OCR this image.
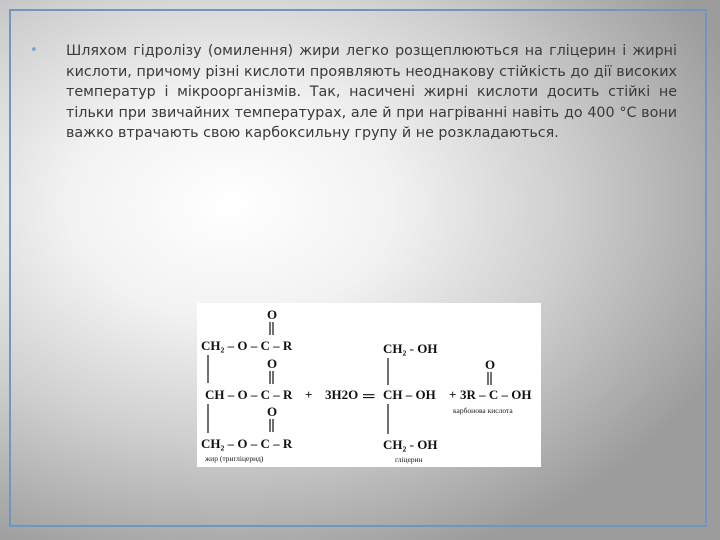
• Шляхом гідролізу (омилення) жири легко розщеплюються на гліцерин і жирні кислоти, причому різні кислоти проявляють неоднакову стійкість до дії високих температур і мікроорганізмів. Так, насичені жирні кислоти досить стійкі не тільки при звичайних температурах, але й при нагріванні навіть до 400 °С вони важко втрачають свою карбоксильну групу й не розкладаються.

O
CH₂ – O – C – R
O
CH – O – C – R
O
CH₂ – O – C – R
жир (тригліцерид)
+ 3H2O ═
CH₂ - OH
CH – OH
CH₂ - OH
гліцерин
+
O
3R – C – OH
карбонова кислота
